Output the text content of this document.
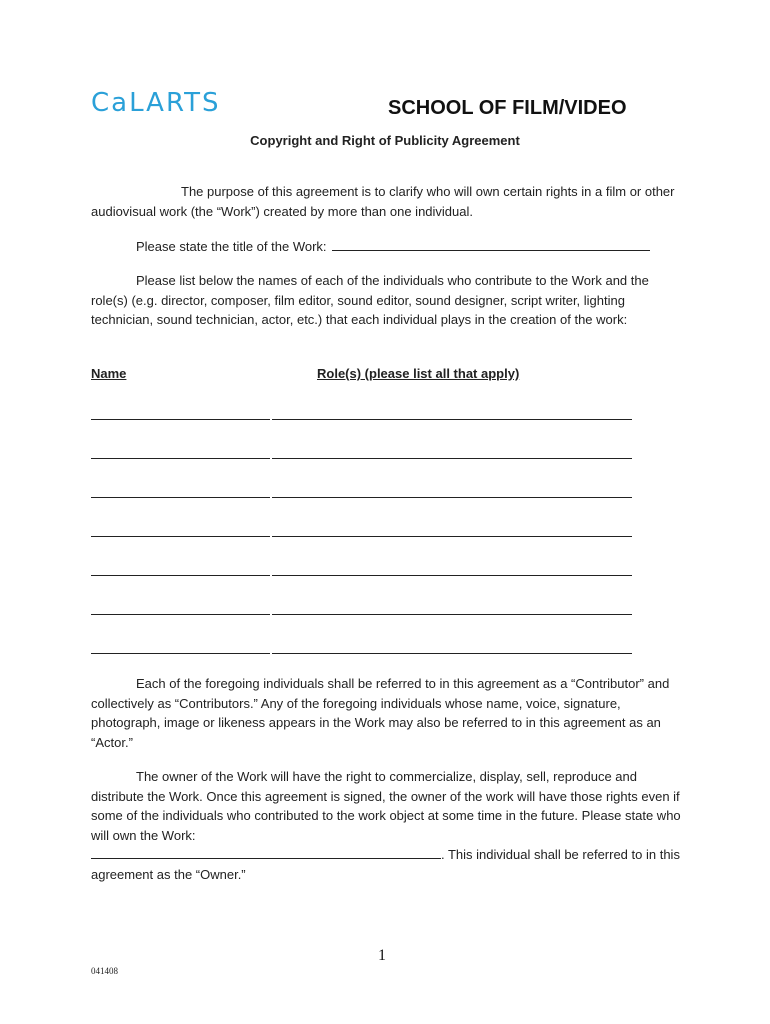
CaLARTS	SCHOOL OF FILM/VIDEO
Copyright and Right of Publicity Agreement
The purpose of this agreement is to clarify who will own certain rights in a film or other audiovisual work (the “Work”) created by more than one individual.
Please state the title of the Work:
Please list below the names of each of the individuals who contribute to the Work and the role(s) (e.g. director, composer, film editor, sound editor, sound designer, script writer, lighting technician, sound technician, actor, etc.) that each individual plays in the creation of the work:
Name	Role(s) (please list all that apply)
Each of the foregoing individuals shall be referred to in this agreement as a “Contributor” and collectively as “Contributors.” Any of the foregoing individuals whose name, voice, signature, photograph, image or likeness appears in the Work may also be referred to in this agreement as an “Actor.”
The owner of the Work will have the right to commercialize, display, sell, reproduce and distribute the Work. Once this agreement is signed, the owner of the work will have those rights even if some of the individuals who contributed to the work object at some time in the future. Please state who will own the Work:
. This individual shall be referred to in this agreement as the “Owner.”
1
041408
